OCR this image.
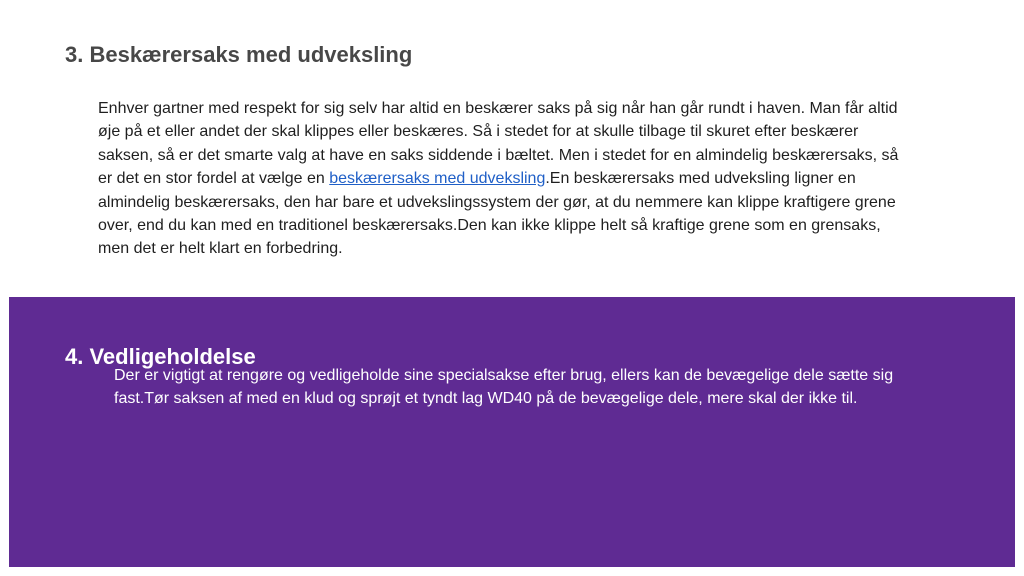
3. Beskærersaks med udveksling

Enhver gartner med respekt for sig selv har altid en beskærer saks på sig når han går rundt i haven. Man får altid øje på et eller andet der skal klippes eller beskæres. Så i stedet for at skulle tilbage til skuret efter beskærer saksen, så er det smarte valg at have en saks siddende i bæltet. Men i stedet for en almindelig beskærersaks, så er det en stor fordel at vælge en beskærersaks med udveksling.En beskærersaks med udveksling ligner en almindelig beskærersaks, den har bare et udvekslingssystem der gør, at du nemmere kan klippe kraftigere grene over, end du kan med en traditionel beskærersaks.Den kan ikke klippe helt så kraftige grene som en grensaks, men det er helt klart en forbedring.

4. Vedligeholdelse

Der er vigtigt at rengøre og vedligeholde sine specialsakse efter brug, ellers kan de bevægelige dele sætte sig fast.Tør saksen af med en klud og sprøjt et tyndt lag WD40 på de bevægelige dele, mere skal der ikke til.
